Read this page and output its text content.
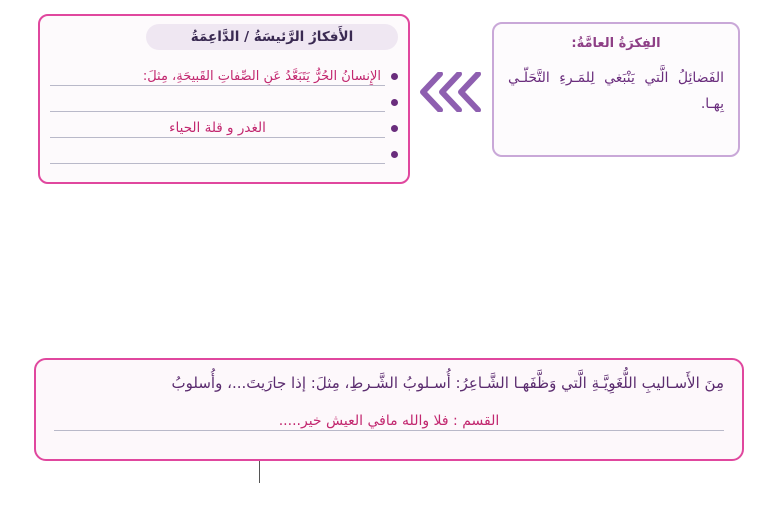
الأَفكارُ الرَّئيسَةُ / الدَّاعِمَةُ
الإِنسانُ الحُرُّ يَتَبَعَّدُ عَنِ الصِّفاتِ القَبيحَةِ، مِثلَ:
الغدر و قلة الحياء
الفِكرَةُ العامَّةُ:
الفَضائِلُ الَّتي يَنْبَغي لِلمَـرءِ التَّحَلّـي بِهـا.
مِنَ الأَسـاليبِ اللُّغَوِيَّـةِ الَّتي وَظَّفَهـا الشَّـاعِرُ: أُسـلوبُ الشَّـرطِ، مِثلَ: إذا جارَيتَ...، وأُسلوبُ
القسم : فلا والله مافي العيش خير.....
